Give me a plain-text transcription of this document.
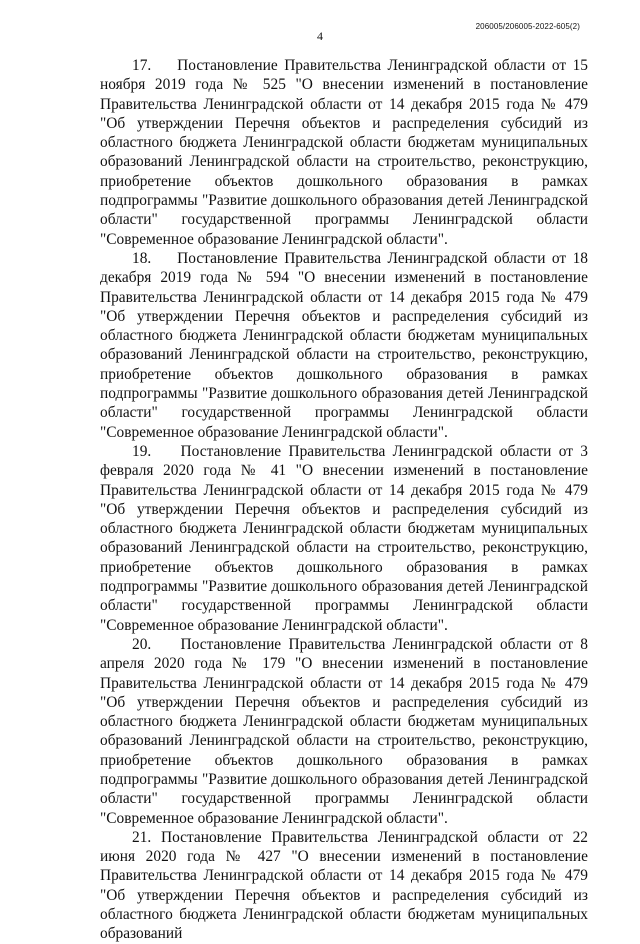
4
206005/206005-2022-605(2)

17.    Постановление Правительства Ленинградской области от 15 ноября 2019 года № 525 "О внесении изменений в постановление Правительства Ленинградской области от 14 декабря 2015 года № 479 "Об утверждении Перечня объектов и распределения субсидий из областного бюджета Ленинградской области бюджетам муниципальных образований Ленинградской области на строительство, реконструкцию, приобретение объектов дошкольного образования в рамках подпрограммы "Развитие дошкольного образования детей Ленинградской области" государственной программы Ленинградской области "Современное образование Ленинградской области".

18.    Постановление Правительства Ленинградской области от 18 декабря 2019 года № 594 "О внесении изменений в постановление Правительства Ленинградской области от 14 декабря 2015 года № 479 "Об утверждении Перечня объектов и распределения субсидий из областного бюджета Ленинградской области бюджетам муниципальных образований Ленинградской области на строительство, реконструкцию, приобретение объектов дошкольного образования в рамках подпрограммы "Развитие дошкольного образования детей Ленинградской области" государственной программы Ленинградской области "Современное образование Ленинградской области".

19.    Постановление Правительства Ленинградской области от 3 февраля 2020 года № 41 "О внесении изменений в постановление Правительства Ленинградской области от 14 декабря 2015 года № 479 "Об утверждении Перечня объектов и распределения субсидий из областного бюджета Ленинградской области бюджетам муниципальных образований Ленинградской области на строительство, реконструкцию, приобретение объектов дошкольного образования в рамках подпрограммы "Развитие дошкольного образования детей Ленинградской области" государственной программы Ленинградской области "Современное образование Ленинградской области".

20.    Постановление Правительства Ленинградской области от 8 апреля 2020 года № 179 "О внесении изменений в постановление Правительства Ленинградской области от 14 декабря 2015 года № 479 "Об утверждении Перечня объектов и распределения субсидий из областного бюджета Ленинградской области бюджетам муниципальных образований Ленинградской области на строительство, реконструкцию, приобретение объектов дошкольного образования в рамках подпрограммы "Развитие дошкольного образования детей Ленинградской области" государственной программы Ленинградской области "Современное образование Ленинградской области".

21. Постановление Правительства Ленинградской области от 22 июня 2020 года № 427 "О внесении изменений в постановление Правительства Ленинградской области от 14 декабря 2015 года № 479 "Об утверждении Перечня объектов и распределения субсидий из областного бюджета Ленинградской области бюджетам муниципальных образований
